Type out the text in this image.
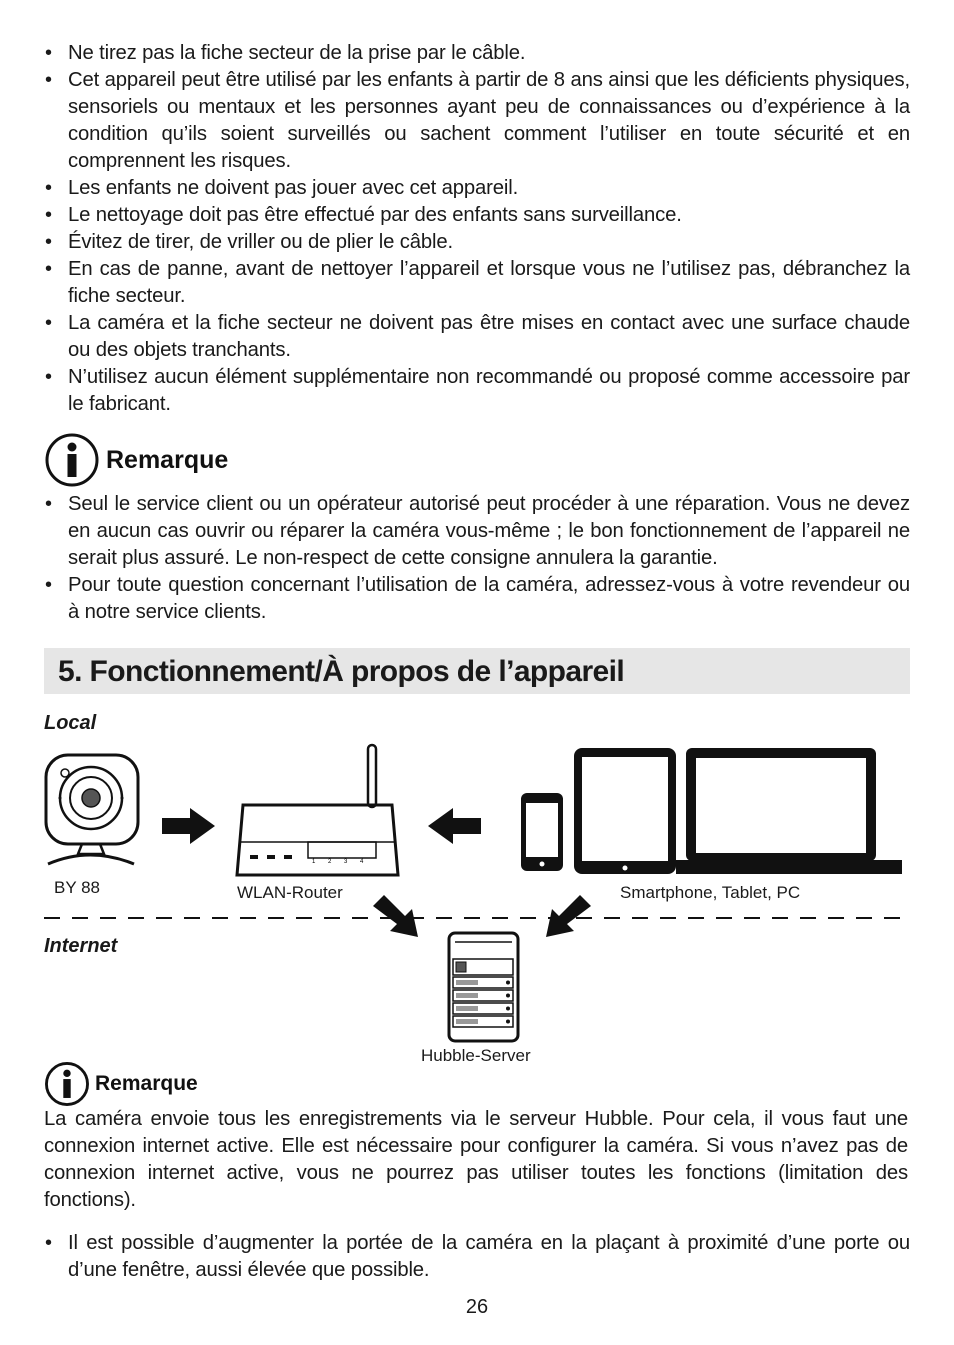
• Ne tirez pas la fiche secteur de la prise par le câble.
• Cet appareil peut être utilisé par les enfants à partir de 8 ans ainsi que les déficients physiques, sensoriels ou mentaux et les personnes ayant peu de connaissances ou d’expérience à la condition qu’ils soient surveillés ou sachent comment l’utiliser en toute sécurité et en comprennent les risques.
• Les enfants ne doivent pas jouer avec cet appareil.
• Le nettoyage doit pas être effectué par des enfants sans surveillance.
• Évitez de tirer, de vriller ou de plier le câble.
• En cas de panne, avant de nettoyer l’appareil et lorsque vous ne l’utilisez pas, débranchez la fiche secteur.
• La caméra et la fiche secteur ne doivent pas être mises en contact avec une surface chaude ou des objets tranchants.
• N’utilisez aucun élément supplémentaire non recommandé ou proposé comme accessoire par le fabricant.
Remarque
• Seul le service client ou un opérateur autorisé peut procéder à une réparation. Vous ne devez en aucun cas ouvrir ou réparer la caméra vous-même ; le bon fonctionnement de l’appareil ne serait plus assuré. Le non-respect de cette consigne annulera la garantie.
• Pour toute question concernant l’utilisation de la caméra, adressez-vous à votre revendeur ou à notre service clients.
5. Fonctionnement/À propos de l’appareil
Local
Internet
BY 88	WLAN-Router	Smartphone, Tablet, PC
Hubble-Server
1 2 3 4
Remarque

La caméra envoie tous les enregistrements via le serveur Hubble. Pour cela, il vous faut une connexion internet active. Elle est nécessaire pour configurer la caméra. Si vous n’avez pas de connexion internet active, vous ne pourrez pas utiliser toutes les fonctions (limitation des fonctions).

• Il est possible d’augmenter la portée de la caméra en la plaçant à proximité d’une porte ou d’une fenêtre, aussi élevée que possible.
26
